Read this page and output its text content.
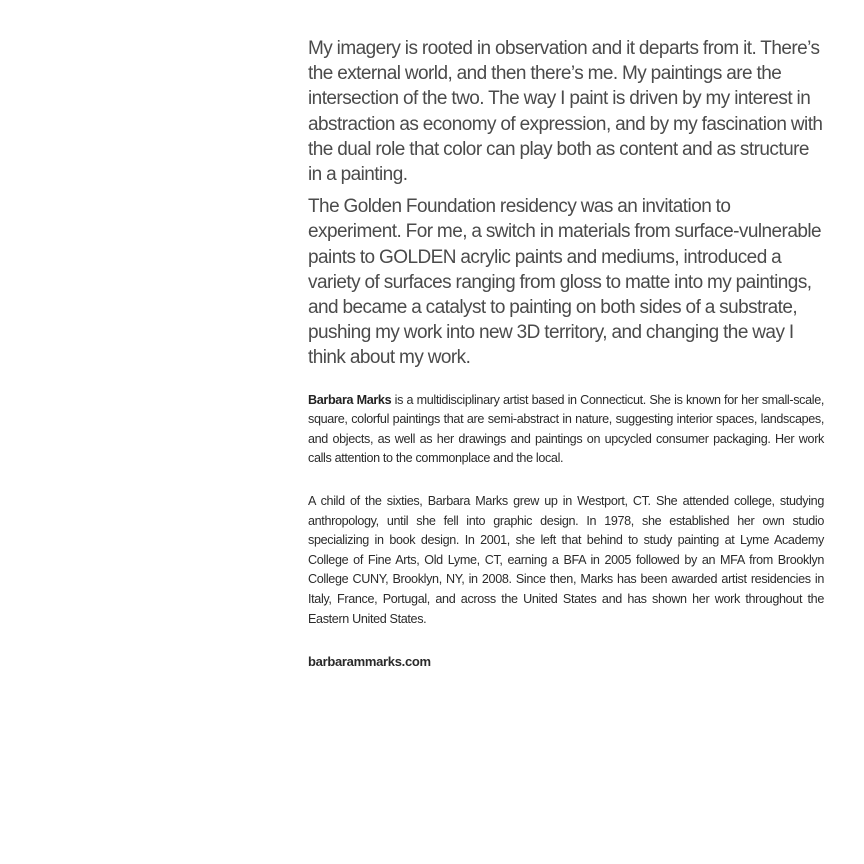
My imagery is rooted in observation and it departs from it. There’s the external world, and then there’s me. My paintings are the intersection of the two. The way I paint is driven by my interest in abstraction as economy of expression, and by my fascination with the dual role that color can play both as content and as structure in a painting.

The Golden Foundation residency was an invitation to experiment. For me, a switch in materials from surface-vulnerable paints to GOLDEN acrylic paints and mediums, introduced a variety of surfaces ranging from gloss to matte into my paintings, and became a catalyst to painting on both sides of a substrate, pushing my work into new 3D territory, and changing the way I think about my work.

Barbara Marks is a multidisciplinary artist based in Connecticut. She is known for her small-scale, square, colorful paintings that are semi-abstract in nature, suggesting interior spaces, landscapes, and objects, as well as her drawings and paintings on upcycled consumer packaging. Her work calls attention to the commonplace and the local.

A child of the sixties, Barbara Marks grew up in Westport, CT. She attended college, studying anthropology, until she fell into graphic design. In 1978, she established her own studio specializing in book design. In 2001, she left that behind to study painting at Lyme Academy College of Fine Arts, Old Lyme, CT, earning a BFA in 2005 followed by an MFA from Brooklyn College CUNY, Brooklyn, NY, in 2008. Since then, Marks has been awarded artist residencies in Italy, France, Portugal, and across the United States and has shown her work throughout the Eastern United States.

barbarammarks.com
